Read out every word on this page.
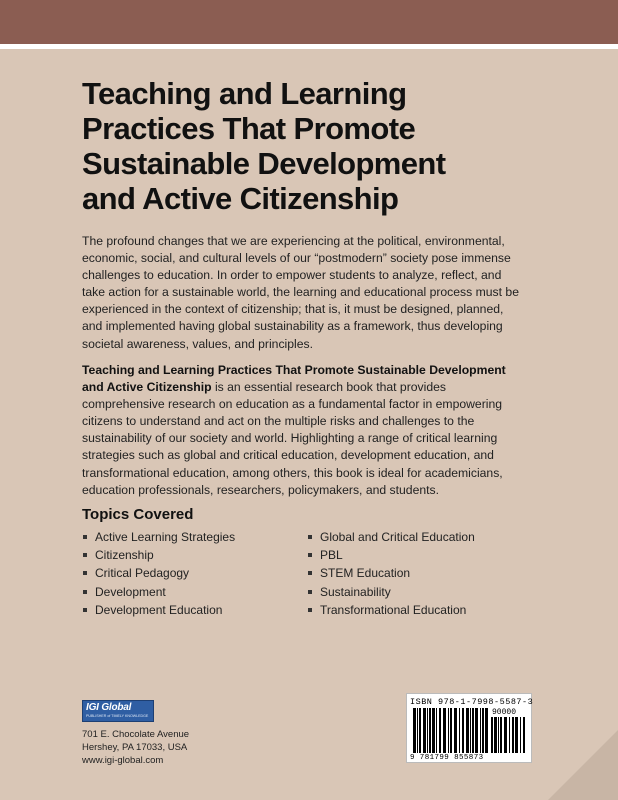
Teaching and Learning
Practices That Promote
Sustainable Development
and Active Citizenship

The profound changes that we are experiencing at the political, environmental, economic, social, and cultural levels of our “postmodern” society pose immense challenges to education. In order to empower students to analyze, reflect, and take action for a sustainable world, the learning and educational process must be experienced in the context of citizenship; that is, it must be designed, planned, and implemented having global sustainability as a framework, thus developing societal awareness, values, and principles.

Teaching and Learning Practices That Promote Sustainable Development and Active Citizenship is an essential research book that provides comprehensive research on education as a fundamental factor in empowering citizens to understand and act on the multiple risks and challenges to the sustainability of our society and world. Highlighting a range of critical learning strategies such as global and critical education, development education, and transformational education, among others, this book is ideal for academicians, education professionals, researchers, policymakers, and students.

Topics Covered
Active Learning Strategies
Citizenship
Critical Pedagogy
Development
Development Education
Global and Critical Education
PBL
STEM Education
Sustainability
Transformational Education
IGI Global
PUBLISHER of TIMELY KNOWLEDGE
701 E. Chocolate Avenue
Hershey, PA 17033, USA
www.igi-global.com
ISBN 978-1-7998-5587-3
90000
9 781799 855873
